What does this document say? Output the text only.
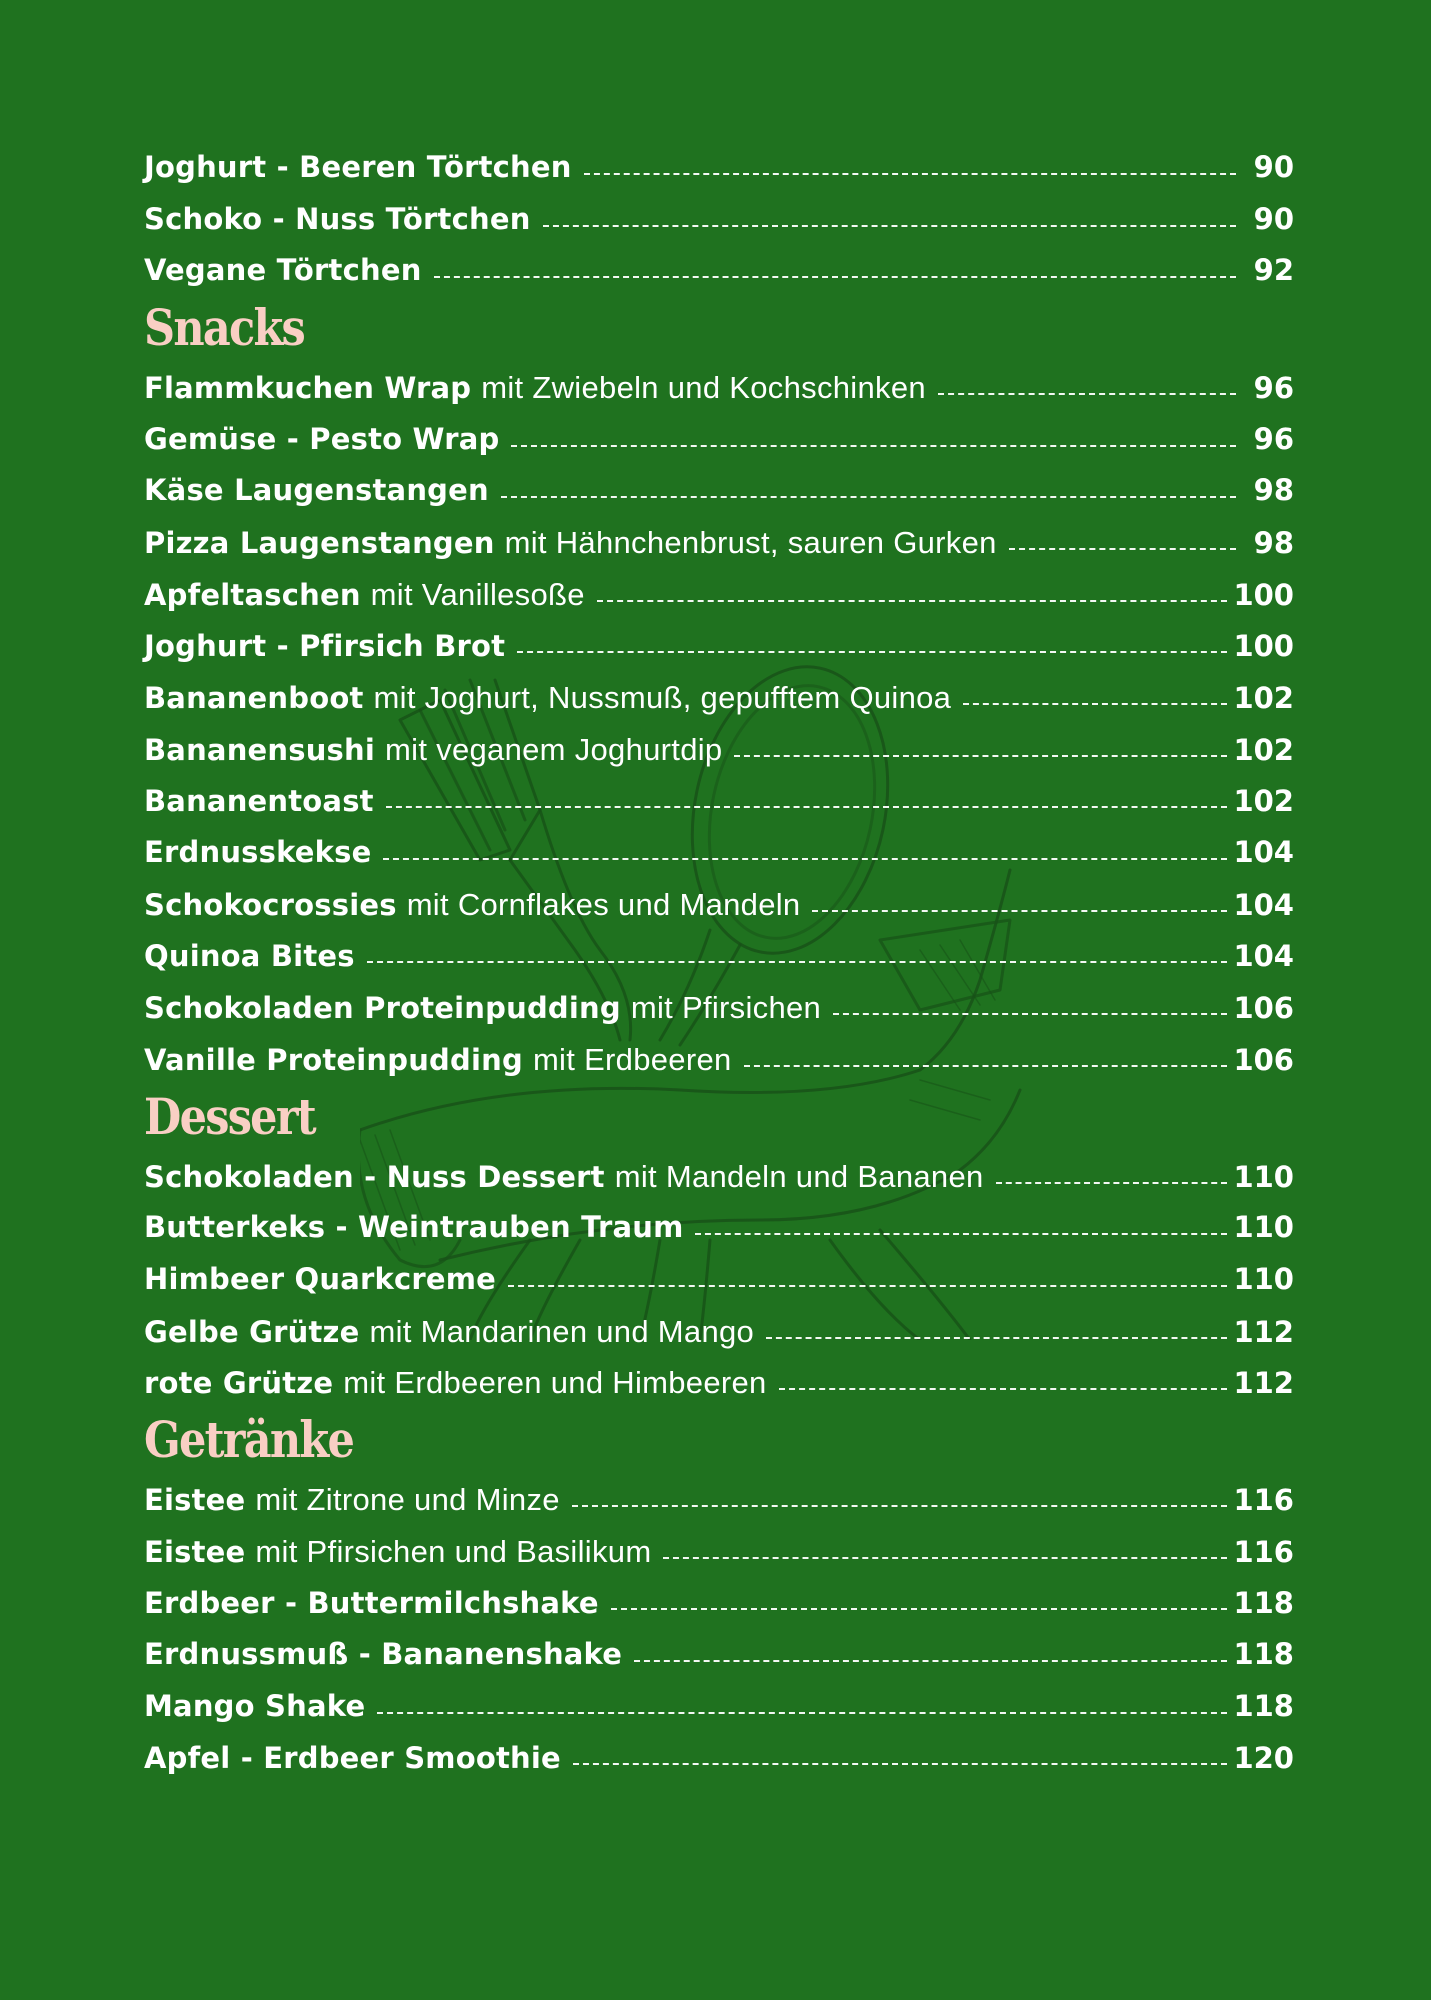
Joghurt - Beeren Törtchen	90
Schoko - Nuss Törtchen	90
Vegane Törtchen	92
Snacks
Flammkuchen Wrap mit Zwiebeln und Kochschinken	96
Gemüse - Pesto Wrap	96
Käse Laugenstangen	98
Pizza Laugenstangen mit Hähnchenbrust, sauren Gurken	98
Apfeltaschen mit Vanillesoße	100
Joghurt - Pfirsich Brot	100
Bananenboot mit Joghurt, Nussmuß, gepufftem Quinoa	102
Bananensushi mit veganem Joghurtdip	102
Bananentoast	102
Erdnusskekse	104
Schokocrossies mit Cornflakes und Mandeln	104
Quinoa Bites	104
Schokoladen Proteinpudding mit Pfirsichen	106
Vanille Proteinpudding mit Erdbeeren	106
Dessert
Schokoladen - Nuss Dessert mit Mandeln und Bananen	110
Butterkeks - Weintrauben Traum	110
Himbeer Quarkcreme	110
Gelbe Grütze mit Mandarinen und Mango	112
rote Grütze mit Erdbeeren und Himbeeren	112
Getränke
Eistee mit Zitrone und Minze	116
Eistee mit Pfirsichen und Basilikum	116
Erdbeer - Buttermilchshake	118
Erdnussmuß - Bananenshake	118
Mango Shake	118
Apfel - Erdbeer Smoothie	120
